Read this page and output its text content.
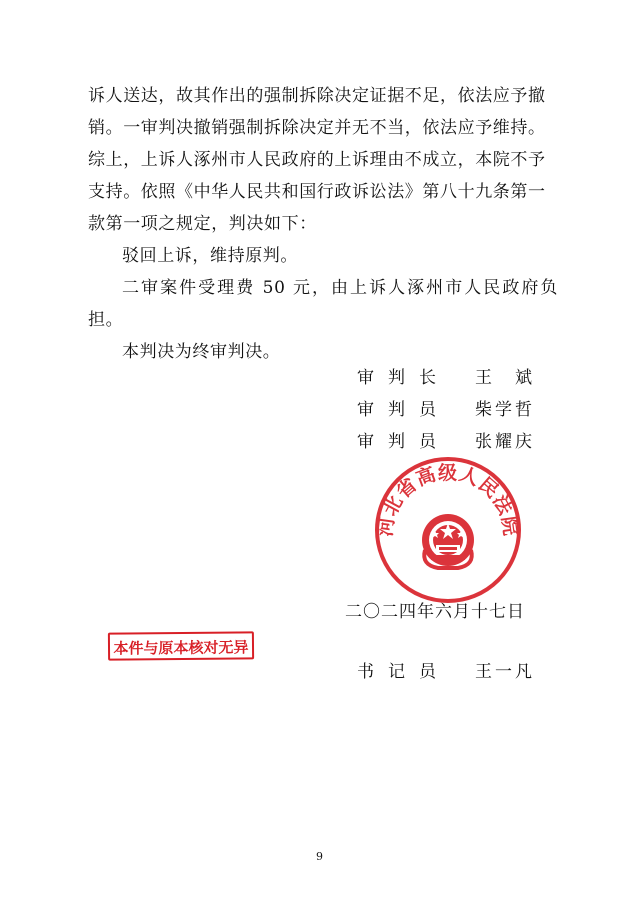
诉人送达，故其作出的强制拆除决定证据不足，依法应予撤

销。一审判决撤销强制拆除决定并无不当，依法应予维持。

综上，上诉人涿州市人民政府的上诉理由不成立，本院不予

支持。依照《中华人民共和国行政诉讼法》第八十九条第一

款第一项之规定，判决如下：

驳回上诉，维持原判。

二审案件受理费 50 元，由上诉人涿州市人民政府负担。

本判决为终审判决。

审判长	王　斌
审判员	柴学哲
审判员	张耀庆
二〇二四年六月十七日
河北省高级人民法院
本件与原本核对无异
书记员	王一凡
9
